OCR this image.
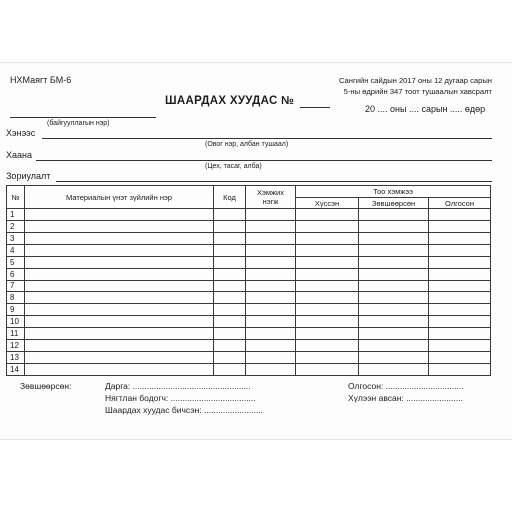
НХМаягт БМ-6	Сангийн сайдын 2017 оны 12 дугаар сарын
5-ны өдрийн 347 тоот тушаалын хавсралт
ШААРДАХ ХУУДАС №
20 .... оны .... сарын ..... өдөр
(байгууллагын нэр)
Хэнээс
(Овог нэр, албан тушаал)
Хаана
(Цех, тасаг, алба)
Зориулалт
№	Материалын үнэт зүйлийн нэр	Код	Хэмжих
нэгж	Тоо хэмжээ		
				Хүссэн	Зөвшөөрсөн	Олгосон
1						
2						
3						
4						
5						
6						
7						
8						
9						
10						
11						
12						
13						
14						
Зөвшөөрсөн:	Дарга: ..................................................
Нягтлан бодогч: ....................................
Шаардах хуудас бичсэн: .........................
Олгосон: .................................
Хүлээн авсан: ........................
